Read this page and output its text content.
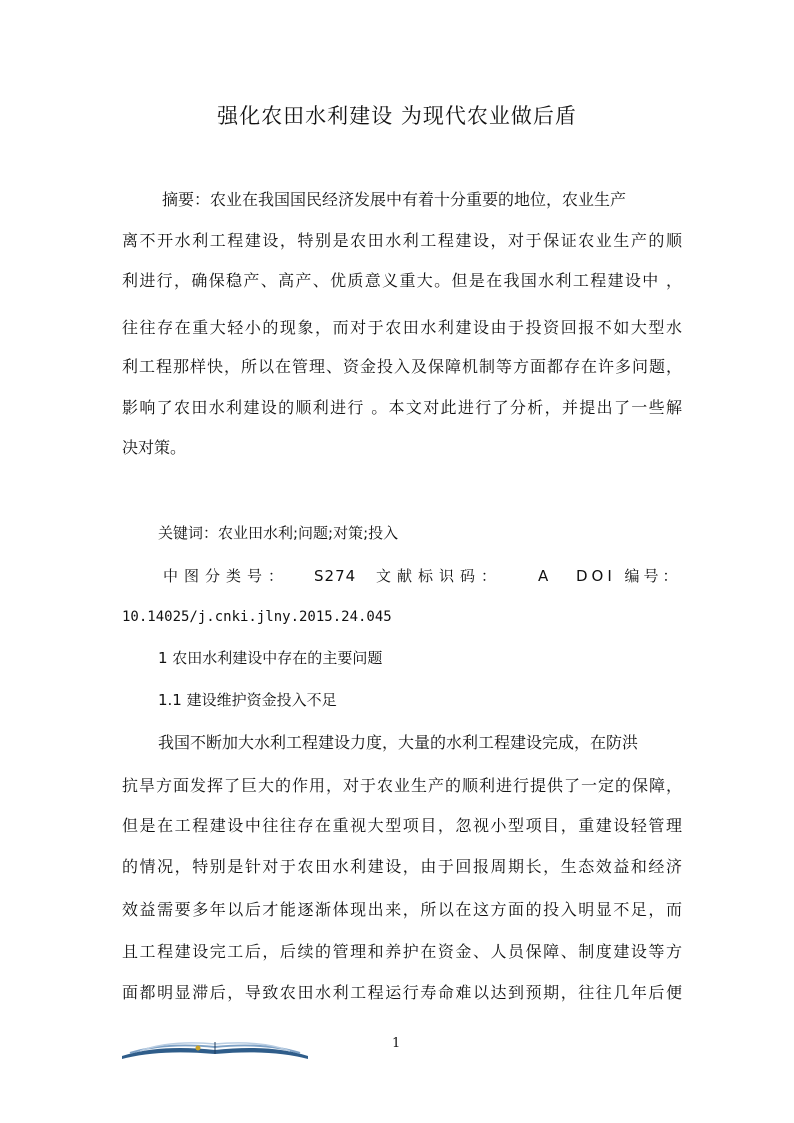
强化农田水利建设 为现代农业做后盾
摘要：农业在我国国民经济发展中有着十分重要的地位，农业生产
离不开水利工程建设，特别是农田水利工程建设，对于保证农业生产的顺
利进行，确保稳产、高产、优质意义重大。但是在我国水利工程建设中 ，
往往存在重大轻小的现象，而对于农田水利建设由于投资回报不如大型水
利工程那样快，所以在管理、资金投入及保障机制等方面都存在许多问题，
影响了农田水利建设的顺利进行 。本文对此进行了分析，并提出了一些解
决对策。
关键词：农业田水利;问题;对策;投入
中图分类号： S274 文献标识码： A DOI 编号：
10.14025/j.cnki.jlny.2015.24.045
1 农田水利建设中存在的主要问题
1.1 建设维护资金投入不足
我国不断加大水利工程建设力度，大量的水利工程建设完成，在防洪
抗旱方面发挥了巨大的作用，对于农业生产的顺利进行提供了一定的保障，
但是在工程建设中往往存在重视大型项目，忽视小型项目，重建设轻管理
的情况，特别是针对于农田水利建设，由于回报周期长，生态效益和经济
效益需要多年以后才能逐渐体现出来，所以在这方面的投入明显不足，而
且工程建设完工后，后续的管理和养护在资金、人员保障、制度建设等方
面都明显滞后，导致农田水利工程运行寿命难以达到预期，往往几年后便
1
